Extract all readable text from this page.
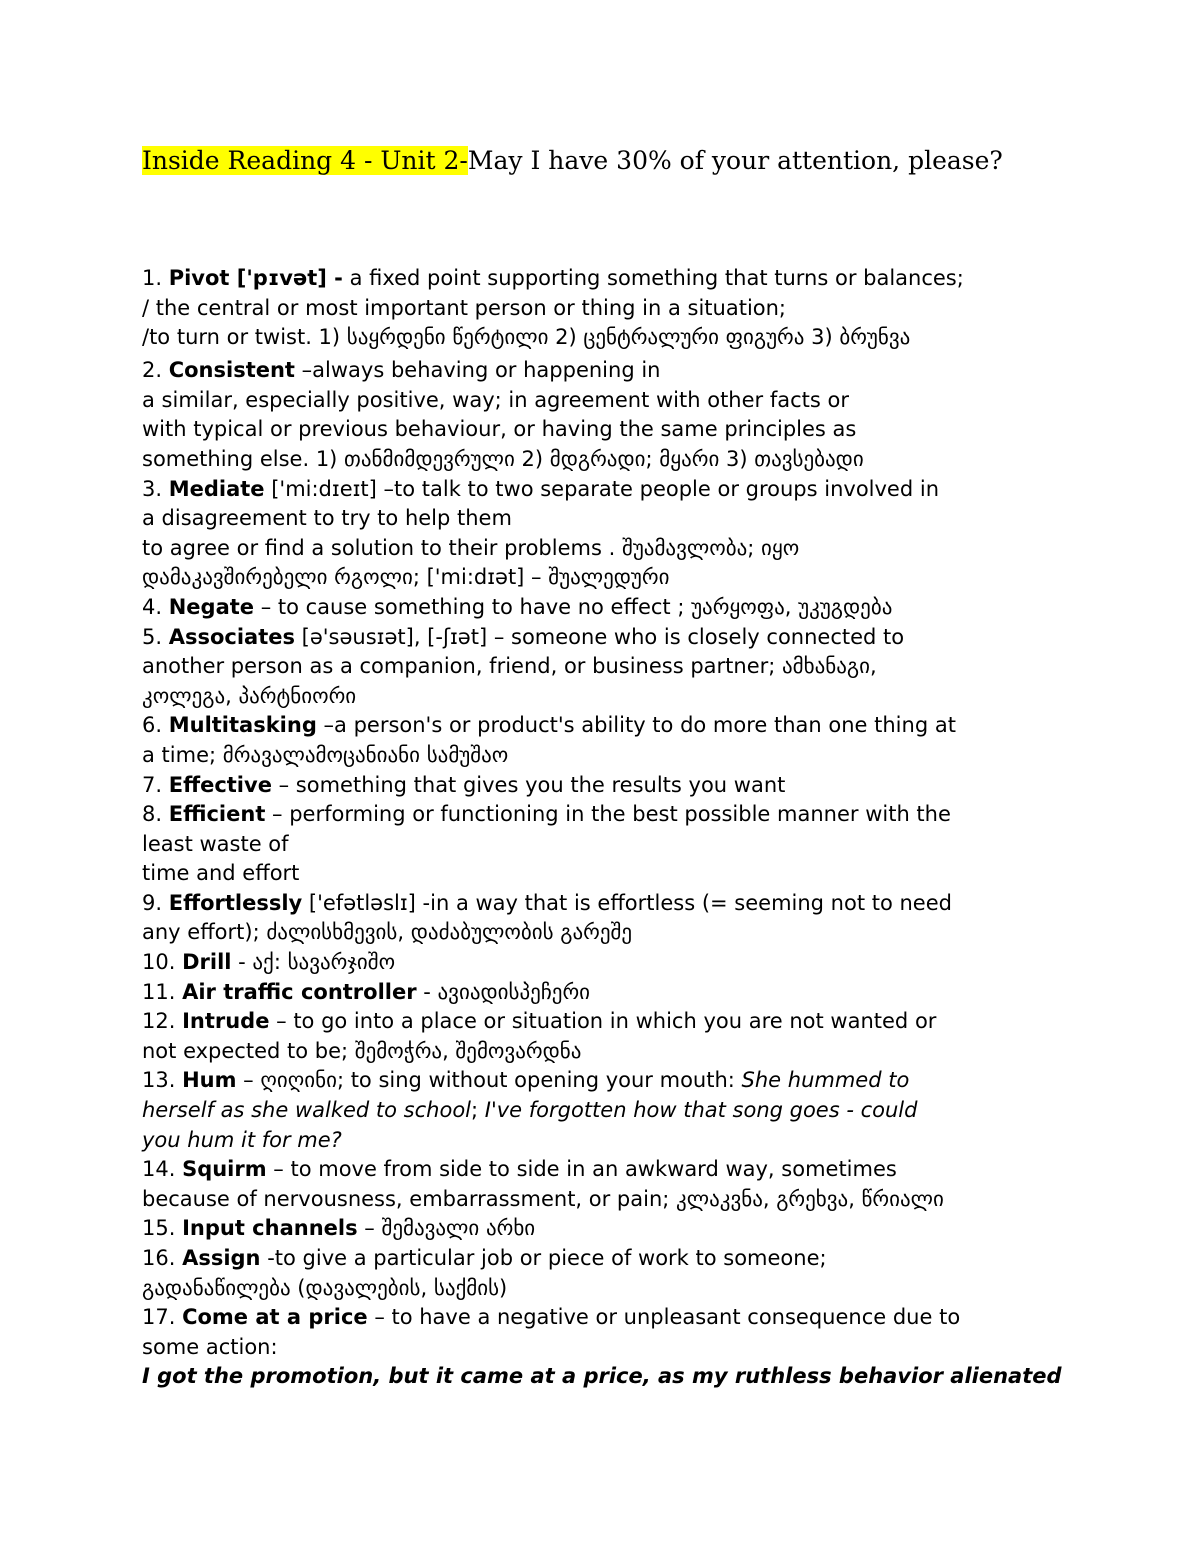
Inside Reading 4 - Unit 2-May I have 30% of your attention, please?
1. Pivot ['pɪvət] - a fixed point supporting something that turns or balances;
/ the central or most important person or thing in a situation;
/to turn or twist. 1) საყრდენი წერტილი 2) ცენტრალური ფიგურა 3) ბრუნვა
2. Consistent –always behaving or happening in
a similar, especially positive, way; in agreement with other facts or
with typical or previous behaviour, or having the same principles as
something else. 1) თანმიმდევრული 2) მდგრადი; მყარი 3) თავსებადი
3. Mediate ['mi:dɪeɪt] –to talk to two separate people or groups involved in
a disagreement to try to help them
to agree or find a solution to their problems . შუამავლობა; იყო
დამაკავშირებელი რგოლი; ['mi:dɪət] – შუალედური
4. Negate – to cause something to have no effect ; უარყოფა, უკუგდება
5. Associates [ə'səusɪət], [-ʃɪət] – someone who is closely connected to
another person as a companion, friend, or business partner; ამხანაგი,
კოლეგა, პარტნიორი
6. Multitasking –a person's or product's ability to do more than one thing at
a time; მრავალამოცანიანი სამუშაო
7. Effective – something that gives you the results you want
8. Efficient – performing or functioning in the best possible manner with the
least waste of
time and effort
9. Effortlessly ['efətləslɪ] -in a way that is effortless (= seeming not to need
any effort); ძალისხმევის, დაძაბულობის გარეშე
10. Drill - აქ: სავარჯიშო
11. Air traffic controller - ავიადისპეჩერი
12. Intrude – to go into a place or situation in which you are not wanted or
not expected to be; შემოჭრა, შემოვარდნა
13. Hum – ღიღინი; to sing without opening your mouth: She hummed to
herself as she walked to school; I've forgotten how that song goes - could
you hum it for me?
14. Squirm – to move from side to side in an awkward way, sometimes
because of nervousness, embarrassment, or pain; კლაკვნა, გრეხვა, წრიალი
15. Input channels – შემავალი არხი
16. Assign -to give a particular job or piece of work to someone;
გადანაწილება (დავალების, საქმის)
17. Come at a price – to have a negative or unpleasant consequence due to
some action:
I got the promotion, but it came at a price, as my ruthless behavior alienated
